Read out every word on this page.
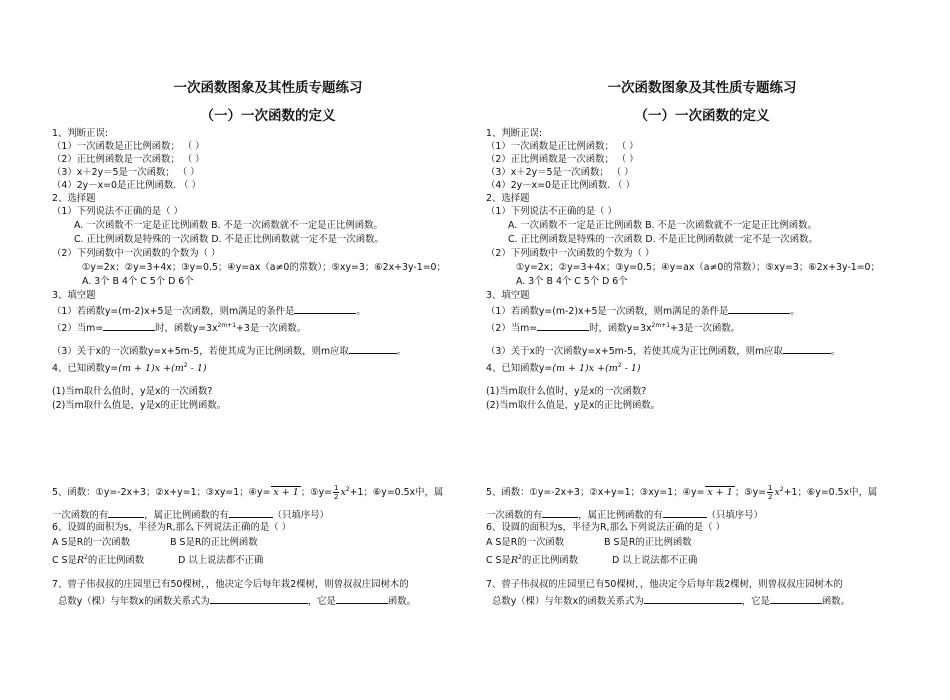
一次函数图象及其性质专题练习
（一）一次函数的定义
1、判断正误:
（1）一次函数是正比例函数； （ ）
（2）正比例函数是一次函数； （ ）
（3）x＋2y＝5是一次函数； （ ）
（4）2y－x=0是正比例函数. （ ）
2、选择题
（1）下列说法不正确的是（ ）
A. 一次函数不一定是正比例函数 B. 不是一次函数就不一定是正比例函数。
C. 正比例函数是特殊的一次函数 D. 不是正比例函数就一定不是一次函数。
（2）下列函数中一次函数的个数为（ ）
①y=2x；②y=3+4x；③y=0.5；④y=ax（a≠0的常数）；⑤xy=3；⑥2x+3y-1=0；
A. 3个 B 4个 C 5个 D 6个
3、填空题
（1）若函数y=(m-2)x+5是一次函数，则m满足的条件是	。
（2）当m=	时，函数$y=3x^{2m+1}+3$是一次函数。
（3）关于x的一次函数y=x+5m-5，若使其成为正比例函数，则m应取	。
4、已知函数$y=(m + 1)x +(m^2 - 1)$
(1)当m取什么值时，y是x的一次函数?
(2)当m取什么值是，y是x的正比例函数。
5、函数：①y=-2x+3；②x+y=1；③xy=1；④y= x + 1 ；⑤y= $\frac{1}{2} x^2+1$；⑥y=0.5x中，属
一次函数的有	，属正比例函数的有	（只填序号）
6、设圆的面积为s，半径为R,那么下列说法正确的是（ ）
A S是R的一次函数	B S是R的正比例函数
C S是$R^2$的正比例函数	D 以上说法都不正确
7、曾子伟叔叔的庄园里已有50棵树，，他决定今后每年栽2棵树，则曾叔叔庄园树木的
总数y（棵）与年数x的函数关系式为	，它是	函数。
一次函数图象及其性质专题练习
（一）一次函数的定义
1、判断正误:
（1）一次函数是正比例函数； （ ）
（2）正比例函数是一次函数； （ ）
（3）x＋2y＝5是一次函数； （ ）
（4）2y－x=0是正比例函数. （ ）
2、选择题
（1）下列说法不正确的是（ ）
A. 一次函数不一定是正比例函数 B. 不是一次函数就不一定是正比例函数。
C. 正比例函数是特殊的一次函数 D. 不是正比例函数就一定不是一次函数。
（2）下列函数中一次函数的个数为（ ）
①y=2x；②y=3+4x；③y=0.5；④y=ax（a≠0的常数）；⑤xy=3；⑥2x+3y-1=0；
A. 3个 B 4个 C 5个 D 6个
3、填空题
（1）若函数y=(m-2)x+5是一次函数，则m满足的条件是	。
（2）当m=	时，函数$y=3x^{2m+1}+3$是一次函数。
（3）关于x的一次函数y=x+5m-5，若使其成为正比例函数，则m应取	。
4、已知函数$y=(m + 1)x +(m^2 - 1)$
(1)当m取什么值时，y是x的一次函数?
(2)当m取什么值是，y是x的正比例函数。
5、函数：①y=-2x+3；②x+y=1；③xy=1；④y= x + 1 ；⑤y= $\frac{1}{2} x^2+1$；⑥y=0.5x中，属
一次函数的有	，属正比例函数的有	（只填序号）
6、设圆的面积为s，半径为R,那么下列说法正确的是（ ）
A S是R的一次函数	B S是R的正比例函数
C S是$R^2$的正比例函数	D 以上说法都不正确
7、曾子伟叔叔的庄园里已有50棵树，，他决定今后每年栽2棵树，则曾叔叔庄园树木的
总数y（棵）与年数x的函数关系式为	，它是	函数。
